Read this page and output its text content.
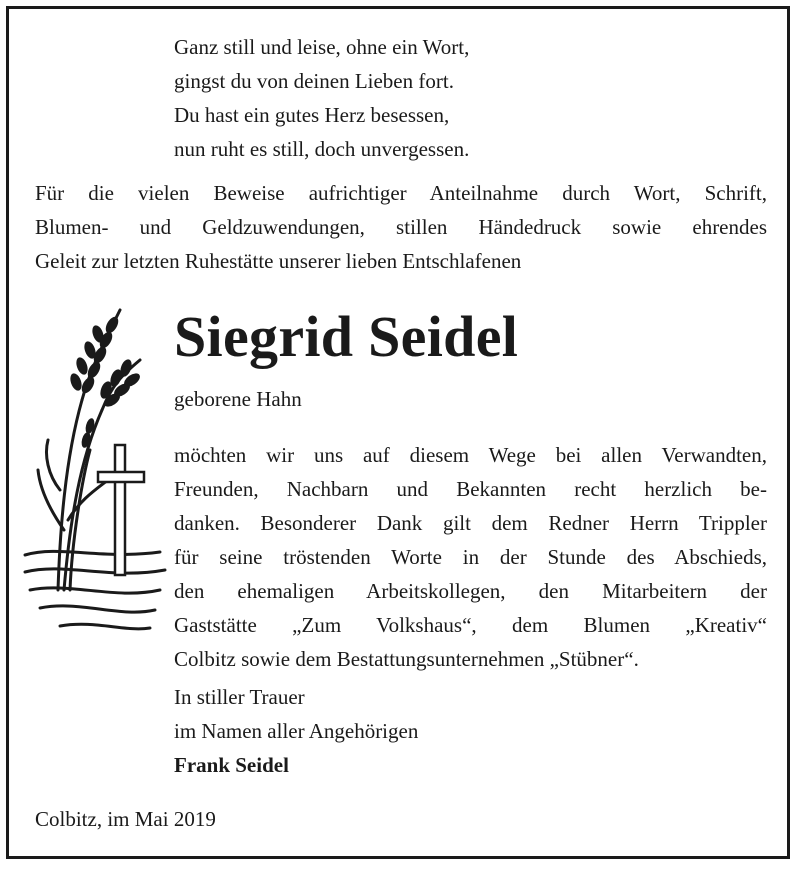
Ganz still und leise, ohne ein Wort,
gingst du von deinen Lieben fort.
Du hast ein gutes Herz besessen,
nun ruht es still, doch unvergessen.
Für die vielen Beweise aufrichtiger Anteilnahme durch Wort, Schrift,
Blumen- und Geldzuwendungen, stillen Händedruck sowie ehrendes
Geleit zur letzten Ruhestätte unserer lieben Entschlafenen
Siegrid Seidel
geborene Hahn
möchten wir uns auf diesem Wege bei allen Verwandten,
Freunden, Nachbarn und Bekannten recht herzlich be-
danken. Besonderer Dank gilt dem Redner Herrn Trippler
für seine tröstenden Worte in der Stunde des Abschieds,
den ehemaligen Arbeitskollegen, den Mitarbeitern der
Gaststätte „Zum Volkshaus“, dem Blumen „Kreativ“
Colbitz sowie dem Bestattungsunternehmen „Stübner“.
In stiller Trauer
im Namen aller Angehörigen
Frank Seidel
Colbitz, im Mai 2019
